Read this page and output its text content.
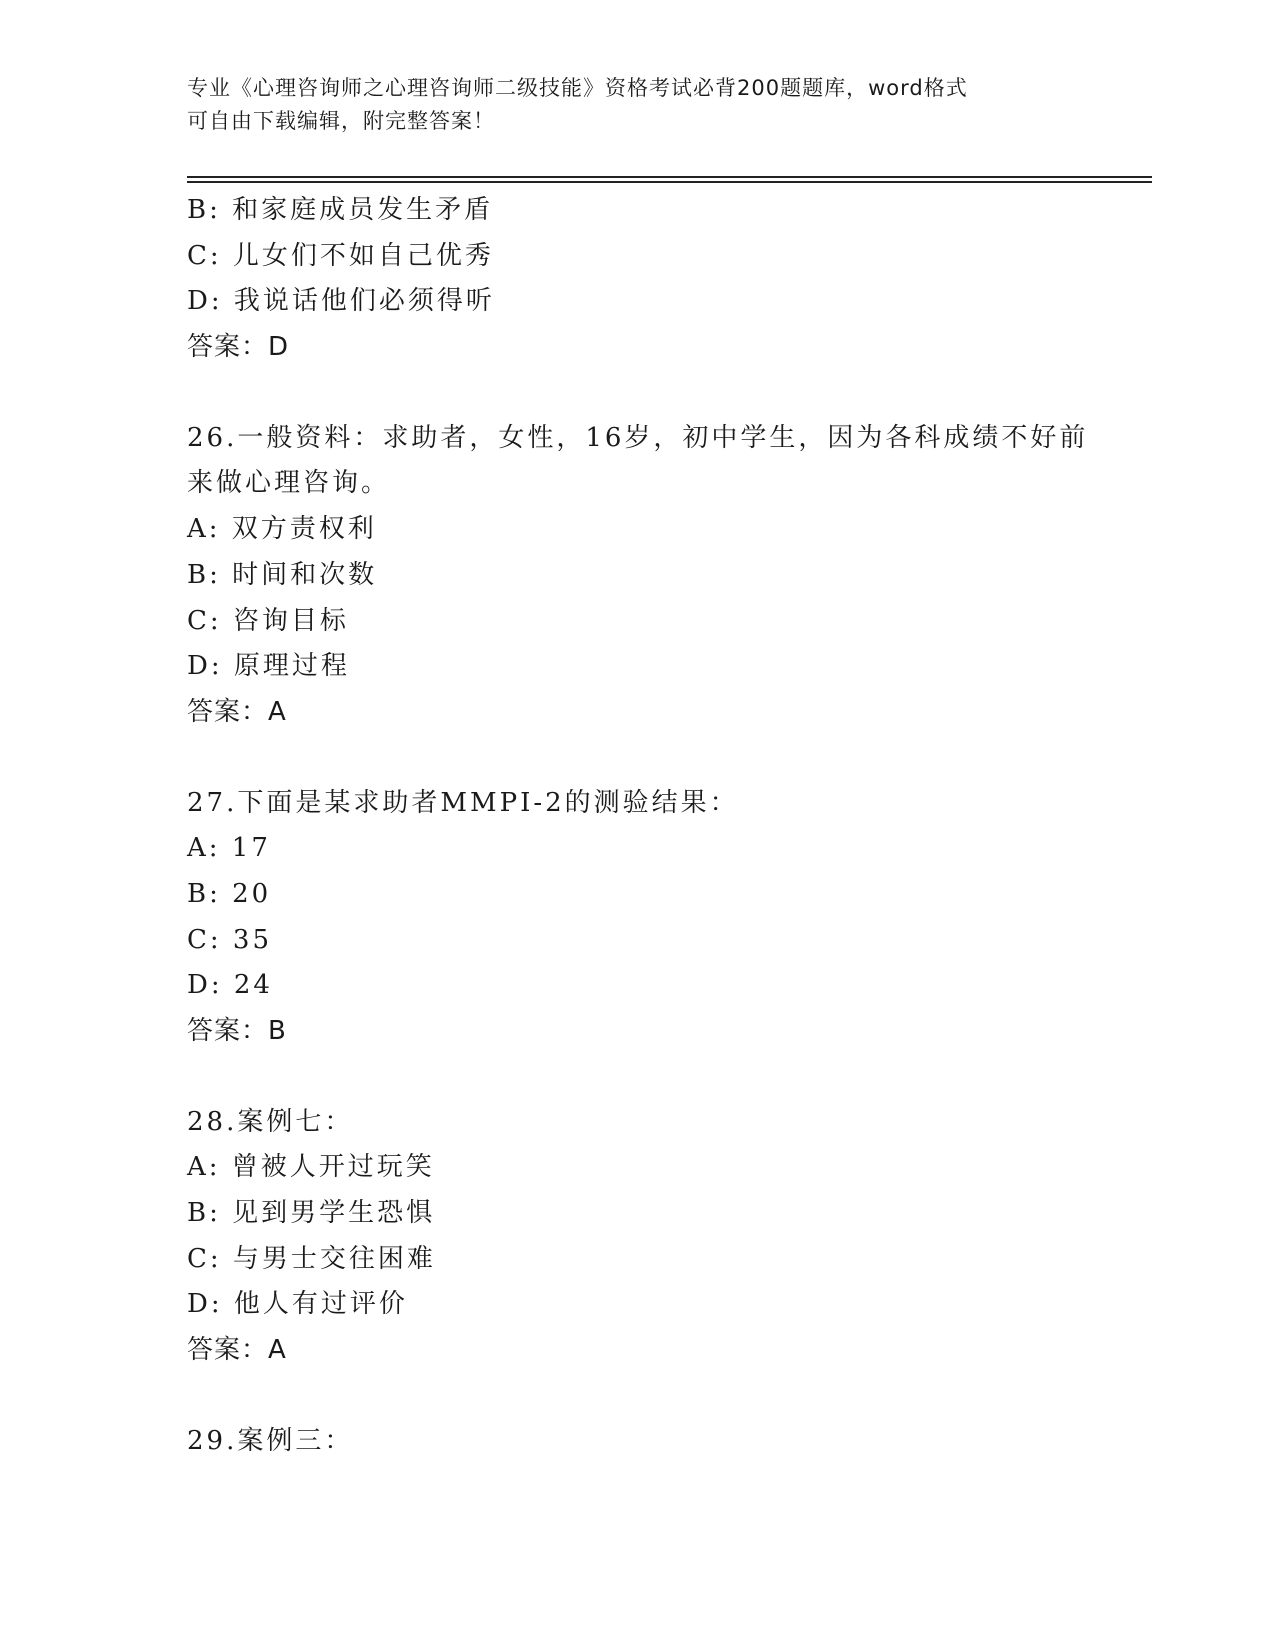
专业《心理咨询师之心理咨询师二级技能》资格考试必背200题题库，word格式
可自由下载编辑，附完整答案！
B: 和家庭成员发生矛盾
C: 儿女们不如自己优秀
D: 我说话他们必须得听
答案：D
26.一般资料：求助者，女性，16岁，初中学生，因为各科成绩不好前
来做心理咨询。
A: 双方责权利
B: 时间和次数
C: 咨询目标
D: 原理过程
答案：A
27.下面是某求助者MMPI-2的测验结果：
A: 17
B: 20
C: 35
D: 24
答案：B
28.案例七：
A: 曾被人开过玩笑
B: 见到男学生恐惧
C: 与男士交往困难
D: 他人有过评价
答案：A
29.案例三：
